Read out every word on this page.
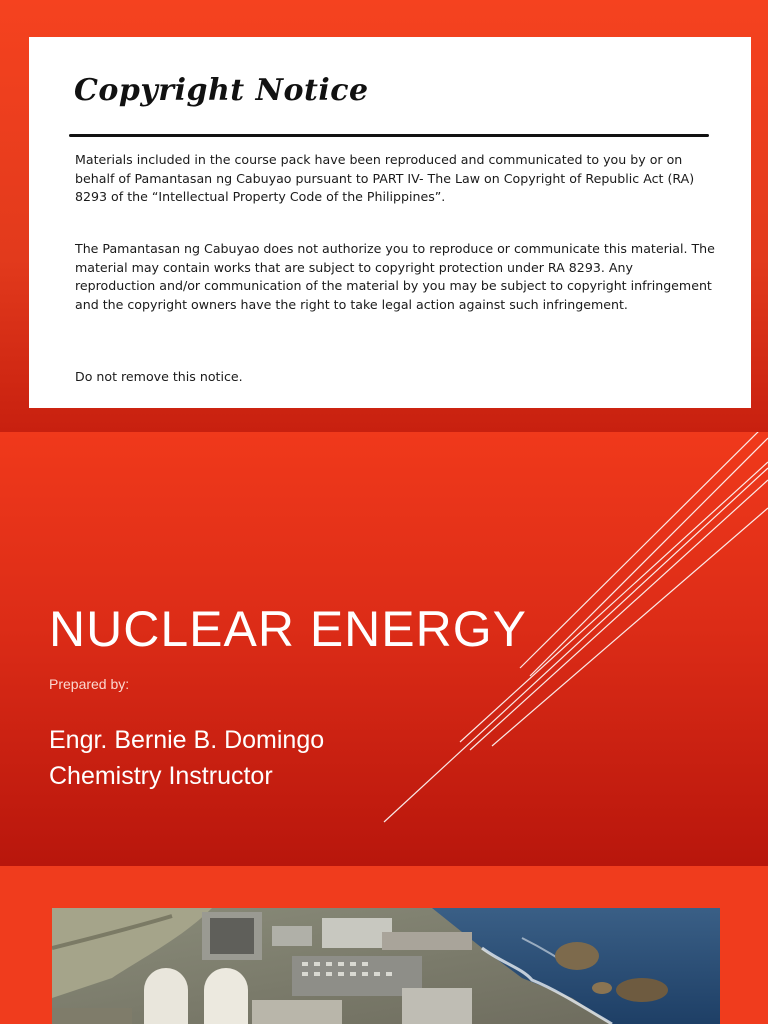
Copyright Notice

Materials included in the course pack have been reproduced and communicated to you by or on behalf of Pamantasan ng Cabuyao pursuant to PART IV- The Law on Copyright of Republic Act (RA) 8293 of the “Intellectual Property Code of the Philippines”.

The Pamantasan ng Cabuyao does not authorize you to reproduce or communicate this material. The material may contain works that are subject to copyright protection under RA 8293. Any reproduction and/or communication of the material by you may be subject to copyright infringement and the copyright owners have the right to take legal action against such infringement.

Do not remove this notice.

NUCLEAR ENERGY
Prepared by:
Engr. Bernie B. Domingo
Chemistry Instructor
